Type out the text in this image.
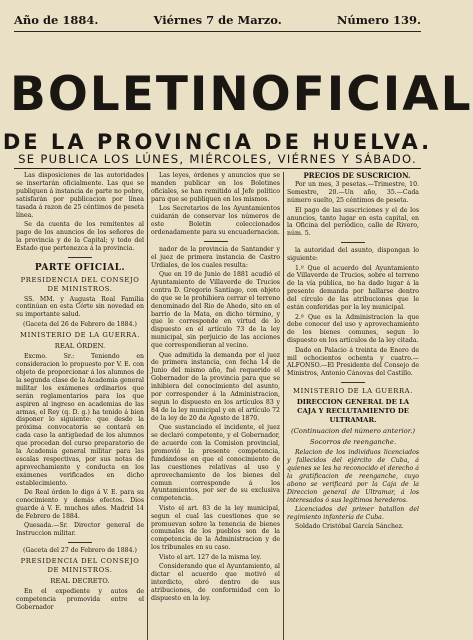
Año de 1884.	Viérnes 7 de Marzo.	Número 139.
BOLETIN OFICIAL
DE LA PROVINCIA DE HUELVA.
SE PUBLICA LOS LÚNES, MIÉRCOLES, VIÉRNES Y SÁBADO.

Las disposiciones de las autoridades se insertarán oficialmente. Las que se publiquen á instancia de parte no pobre, satisfarán por publicacion por línea tasada á razon de 25 céntimos de peseta línea.

Se da cuenta de los remitentes al pago de los anuncios de los señores de la provincia y de la Capital; y todo del Estado que pertenezca á la provincia.

PARTE OFICIAL.

PRESIDENCIA DEL CONSEJO DE MINISTROS.

SS. MM. y Augusta Real Familia continúan en esta Córte sin novedad en su importante salud.

(Gaceta del 26 de Febrero de 1884.)

MINISTERIO DE LA GUERRA.

REAL ÓRDEN.

Excmo. Sr.: Teniendo en consideracion lo propuesto por V. E. con objeto de proporcionar á los alumnos de la segunda clase de la Academia general militar los exámenes ordinarios que serán reglamentarios para los que aspiren al ingreso en academias de las armas, el Rey (q. D. g.) ha tenido á bien disponer lo siguiente: que desde la próxima convocatoria se contará en cada caso la antigüedad de los alumnos que procedan del curso preparatorio de la Academia general militar para las escalas respectivas, por sus notas de aprovechamiento y conducta en los exámenes verificados en dicho establecimiento.

De Real órden lo digo á V. E. para su conocimiento y demás efectos. Dios guarde á V. E. muchos años. Madrid 14 de Febrero de 1884.

Quesada.—Sr. Director general de Instruccion militar.

(Gaceta del 27 de Febrero de 1884.)

PRESIDENCIA DEL CONSEJO DE MINISTROS.

REAL DECRETO.

En el expediente y autos de competencia promovida entre el Gobernador

Las leyes, órdenes y anuncios que se manden publicar en los Boletines oficiales, se han remitido al Jefe político para que se publiquen en los mismos.

Los Secretarios de los Ayuntamientos cuidarán de conservar los números de este Boletin coleccionados ordenadamente para su encuadernacion.

nador de la provincia de Santander y el juez de primera instancia de Castro Urdiales, de los cuales resulta:

Que en 19 de Junio de 1881 acudió el Ayuntamiento de Villaverde de Trucios contra D. Gregorio Santiago, con objeto de que se le prohibiera cerrar el terreno denominado del Rio de Ahedo, sito en el barrio de la Mata, en dicho término, y que le corresponde en virtud de lo dispuesto en el artículo 73 de la ley municipal, sin perjuicio de las acciones que correspondieran al vecino.

Que admitida la demanda por el juez de primera instancia, con fecha 14 de Junio del mismo año, fué requerido el Gobernador de la provincia para que se inhibiera del conocimiento del asunto, por corresponder á la Administracion, segun lo dispuesto en los artículos 83 y 84 de la ley municipal y en el artículo 72 de la ley de 20 de Agosto de 1870.

Que sustanciado el incidente, el juez se declaró competente, y el Gobernador, de acuerdo con la Comision provincial, promovió la presente competencia, fundándose en que el conocimiento de las cuestiones relativas al uso y aprovechamiento de los bienes del comun corresponde á los Ayuntamientos, por ser de su exclusiva competencia.

Visto el art. 83 de la ley municipal, segun el cual las cuestiones que se promuevan sobre la tenencia de bienes comunales de los pueblos son de la competencia de la Administracion y de los tribunales en su caso.

Visto el art. 127 de la misma ley.

Considerando que el Ayuntamiento, al dictar el acuerdo que motivó el interdicto, obró dentro de sus atribuciones, de conformidad con lo dispuesto en la ley.

PRECIOS DE SUSCRICION.

Por un mes, 3 pesetas.—Trimestre, 10. Semestre, 20.—Un año, 35.—Cada número suelto, 25 céntimos de peseta.

El pago de las suscriciones y el de los anuncios, tanto lugar en esta capital, en la Oficina del periódico, calle de Rivero, núm. 5.

la autoridad del asunto, dispongan lo siguiente:

1.º Que el acuerdo del Ayuntamiento de Villaverde de Trucios, sobre el terreno de la vía pública, no ha dado lugar á la presente demanda por hallarse dentro del círculo de las atribuciones que le están conferidas por la ley municipal.

2.º Que es la Administracion la que debe conocer del uso y aprovechamiento de los bienes comunes, segun lo dispuesto en los artículos de la ley citada.

Dado en Palacio á treinta de Enero de mil ochocientos ochenta y cuatro.—ALFONSO.—El Presidente del Consejo de Ministros, Antonio Cánovas del Castillo.

MINISTERIO DE LA GUERRA.

DIRECCION GENERAL DE LA CAJA Y RECLUTAMIENTO DE ULTRAMAR.

(Continuacion del número anterior.)

Socorros de reenganche.

Relacion de los individuos licenciados y fallecidos del ejército de Cuba, á quienes se les ha reconocido el derecho á la gratificacion de reenganche, cuyo abono se verificará por la Caja de la Direccion general de Ultramar, á los interesados ó sus legítimos herederos.

Licenciados del primer batallon del regimiento infantería de Cuba.

Soldado Cristóbal García Sánchez.
